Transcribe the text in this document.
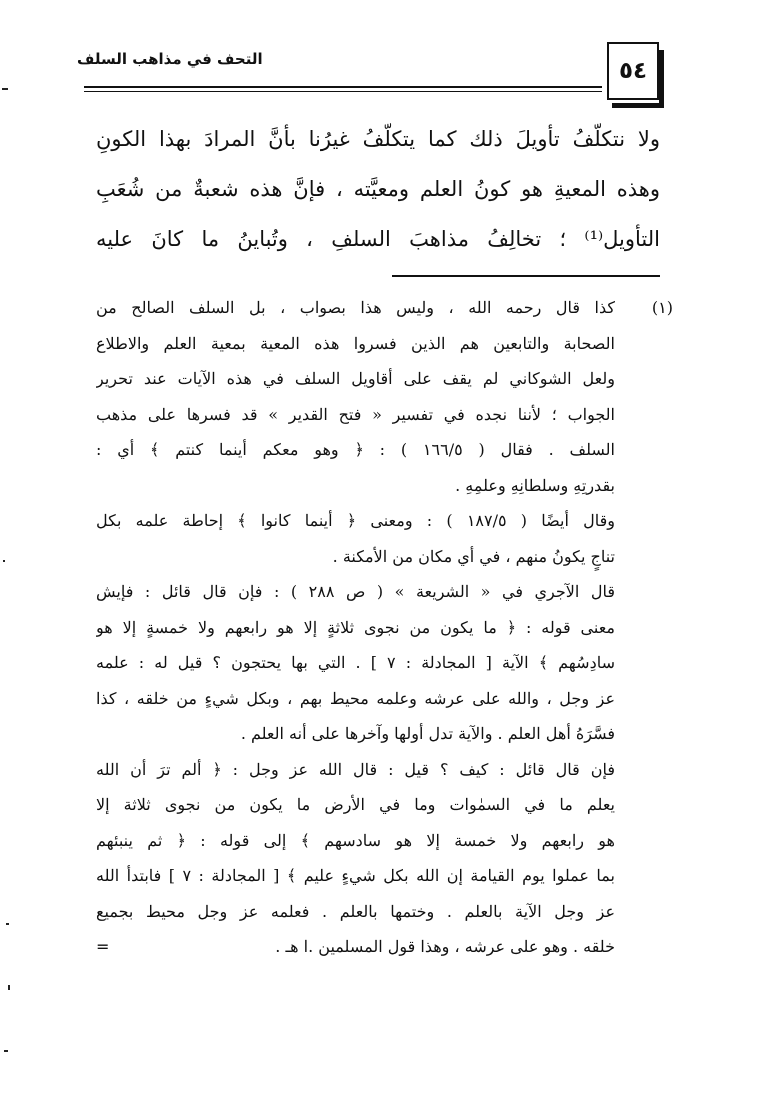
٥٤
التحف في مذاهب السلف
ولا نتكلّفُ تأويلَ ذلك كما يتكلّفُ غيرُنا بأنَّ المرادَ بهذا الكونِ
وهذه المعيةِ هو كونُ العلم ومعيَّته ، فإنَّ هذه شعبةٌ من شُعَبِ
التأويل⁽¹⁾ ؛ تخالِفُ مذاهبَ السلفِ ، وتُباينُ ما كانَ عليه
(١)
كذا قال رحمه الله ، وليس هذا بصواب ، بل السلف الصالح من
الصحابة والتابعين هم الذين فسروا هذه المعية بمعية العلم والاطلاع
ولعل الشوكاني لم يقف على أقاويل السلف في هذه الآيات عند تحرير
الجواب ؛ لأننا نجده في تفسير « فتح القدير » قد فسرها على مذهب
السلف . فقال ( ١٦٦/٥ ) : ﴿ وهو معكم أينما كنتم ﴾ أي :
بقدرتِهِ وسلطانِهِ وعلمِهِ .
وقال أيضًا ( ١٨٧/٥ ) : ومعنى ﴿ أينما كانوا ﴾ إحاطة علمه بكل
تناجٍ يكونُ منهم ، في أي مكان من الأمكنة .
قال الآجري في « الشريعة » ( ص ٢٨٨ ) : فإن قال قائل : فإيش
معنى قوله : ﴿ ما يكون من نجوى ثلاثةٍ إلا هو رابعهم ولا خمسةٍ إلا هو
سادِسُهم ﴾ الآية [ المجادلة : ٧ ] . التي بها يحتجون ؟ قيل له : علمه
عز وجل ، والله على عرشه وعلمه محيط بهم ، وبكل شيءٍ من خلقه ، كذا
فسَّرَهُ أهل العلم . والآية تدل أولها وآخرها على أنه العلم .
فإن قال قائل : كيف ؟ قيل : قال الله عز وجل : ﴿ ألم ترَ أن الله
يعلم ما في السمٰوات وما في الأرض ما يكون من نجوى ثلاثة إلا
هو رابعهم ولا خمسة إلا هو سادسهم ﴾ إلى قوله : ﴿ ثم ينبئهم
بما عملوا يوم القيامة إن الله بكل شيءٍ عليم ﴾ [ المجادلة : ٧ ] فابتدأ الله
عز وجل الآية بالعلم . وختمها بالعلم . فعلمه عز وجل محيط بجميع
خلقه . وهو على عرشه ، وهذا قول المسلمين .ا هـ .
=
